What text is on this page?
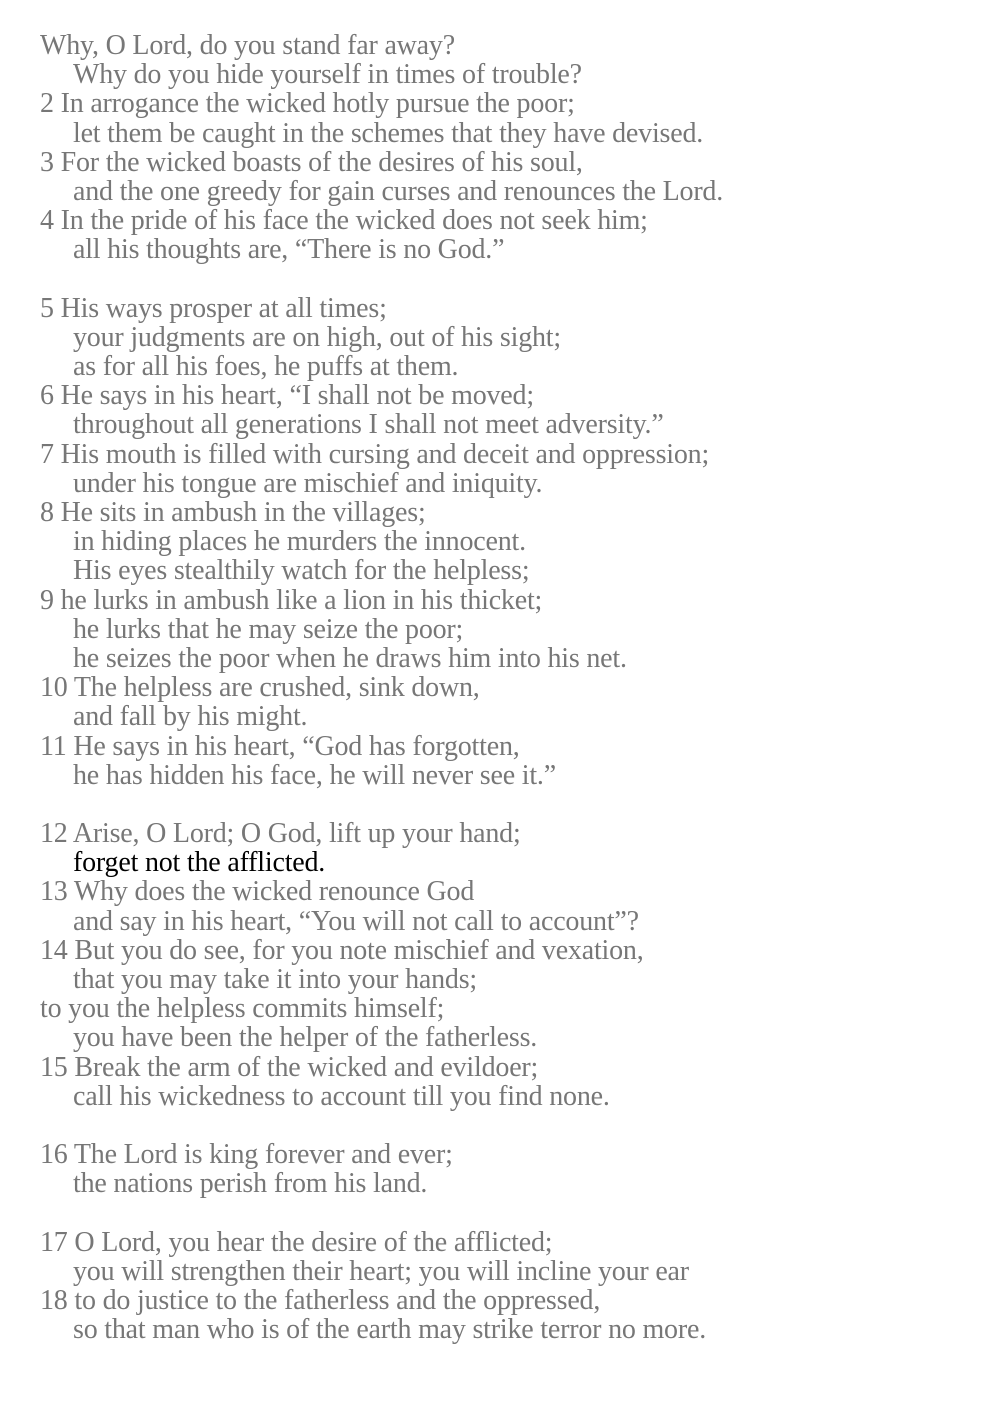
Why, O Lord, do you stand far away?
Why do you hide yourself in times of trouble?
2 In arrogance the wicked hotly pursue the poor;
let them be caught in the schemes that they have devised.
3 For the wicked boasts of the desires of his soul,
and the one greedy for gain curses and renounces the Lord.
4 In the pride of his face the wicked does not seek him;
all his thoughts are, “There is no God.”
5 His ways prosper at all times;
your judgments are on high, out of his sight;
as for all his foes, he puffs at them.
6 He says in his heart, “I shall not be moved;
throughout all generations I shall not meet adversity.”
7 His mouth is filled with cursing and deceit and oppression;
under his tongue are mischief and iniquity.
8 He sits in ambush in the villages;
in hiding places he murders the innocent.
His eyes stealthily watch for the helpless;
9 he lurks in ambush like a lion in his thicket;
he lurks that he may seize the poor;
he seizes the poor when he draws him into his net.
10 The helpless are crushed, sink down,
and fall by his might.
11 He says in his heart, “God has forgotten,
he has hidden his face, he will never see it.”
12 Arise, O Lord; O God, lift up your hand;
forget not the afflicted.
13 Why does the wicked renounce God
and say in his heart, “You will not call to account”?
14 But you do see, for you note mischief and vexation,
that you may take it into your hands;
to you the helpless commits himself;
you have been the helper of the fatherless.
15 Break the arm of the wicked and evildoer;
call his wickedness to account till you find none.
16 The Lord is king forever and ever;
the nations perish from his land.
17 O Lord, you hear the desire of the afflicted;
you will strengthen their heart; you will incline your ear
18 to do justice to the fatherless and the oppressed,
so that man who is of the earth may strike terror no more.
